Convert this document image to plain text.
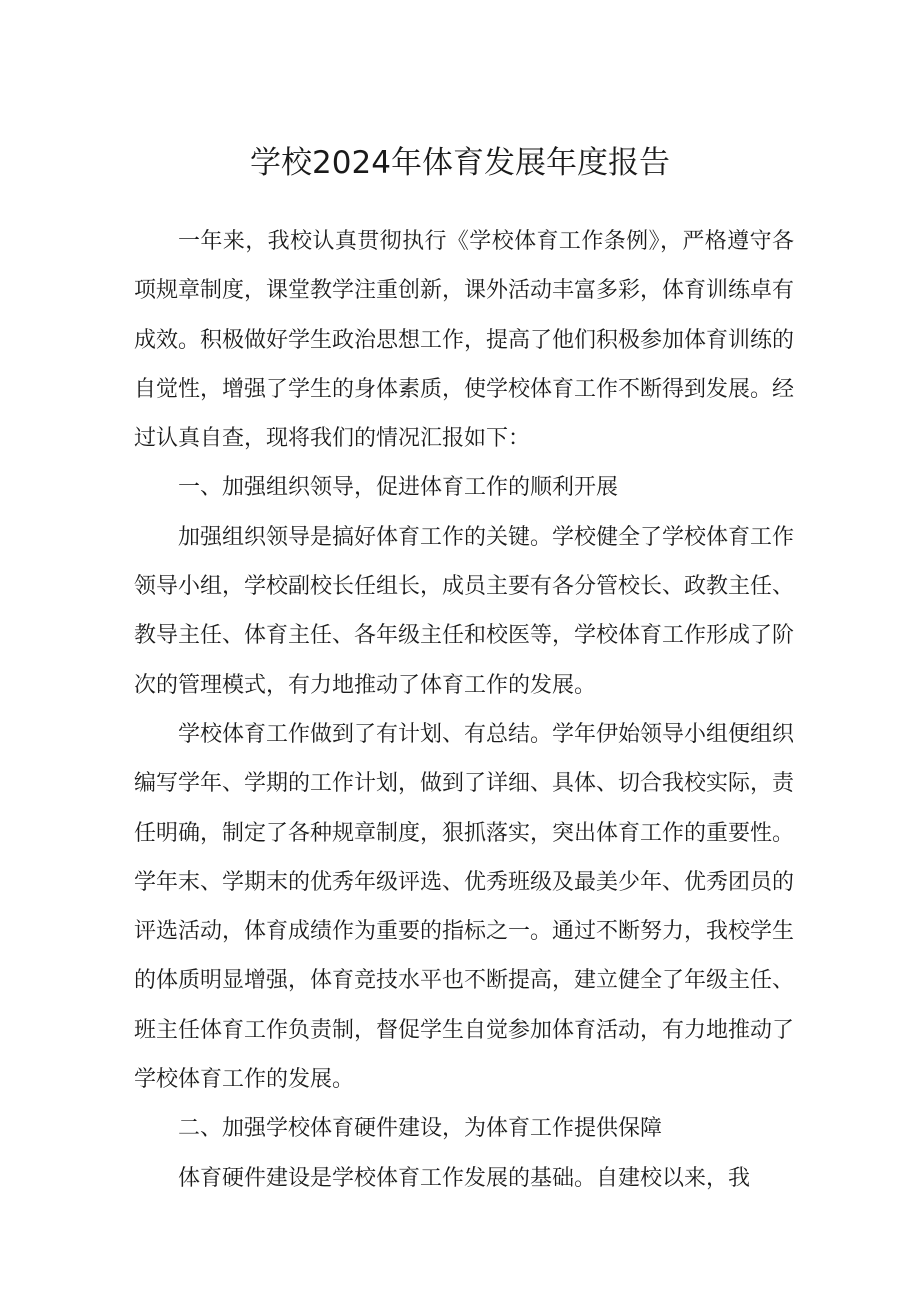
学校2024年体育发展年度报告

一年来，我校认真贯彻执行《学校体育工作条例》，严格遵守各项规章制度，课堂教学注重创新，课外活动丰富多彩，体育训练卓有成效。积极做好学生政治思想工作，提高了他们积极参加体育训练的自觉性，增强了学生的身体素质，使学校体育工作不断得到发展。经过认真自查，现将我们的情况汇报如下：

一、加强组织领导，促进体育工作的顺利开展

加强组织领导是搞好体育工作的关键。学校健全了学校体育工作领导小组，学校副校长任组长，成员主要有各分管校长、政教主任、教导主任、体育主任、各年级主任和校医等，学校体育工作形成了阶次的管理模式，有力地推动了体育工作的发展。

学校体育工作做到了有计划、有总结。学年伊始领导小组便组织编写学年、学期的工作计划，做到了详细、具体、切合我校实际，责任明确，制定了各种规章制度，狠抓落实，突出体育工作的重要性。学年末、学期末的优秀年级评选、优秀班级及最美少年、优秀团员的评选活动，体育成绩作为重要的指标之一。通过不断努力，我校学生的体质明显增强，体育竞技水平也不断提高，建立健全了年级主任、班主任体育工作负责制，督促学生自觉参加体育活动，有力地推动了学校体育工作的发展。

二、加强学校体育硬件建设，为体育工作提供保障

体育硬件建设是学校体育工作发展的基础。自建校以来，我
